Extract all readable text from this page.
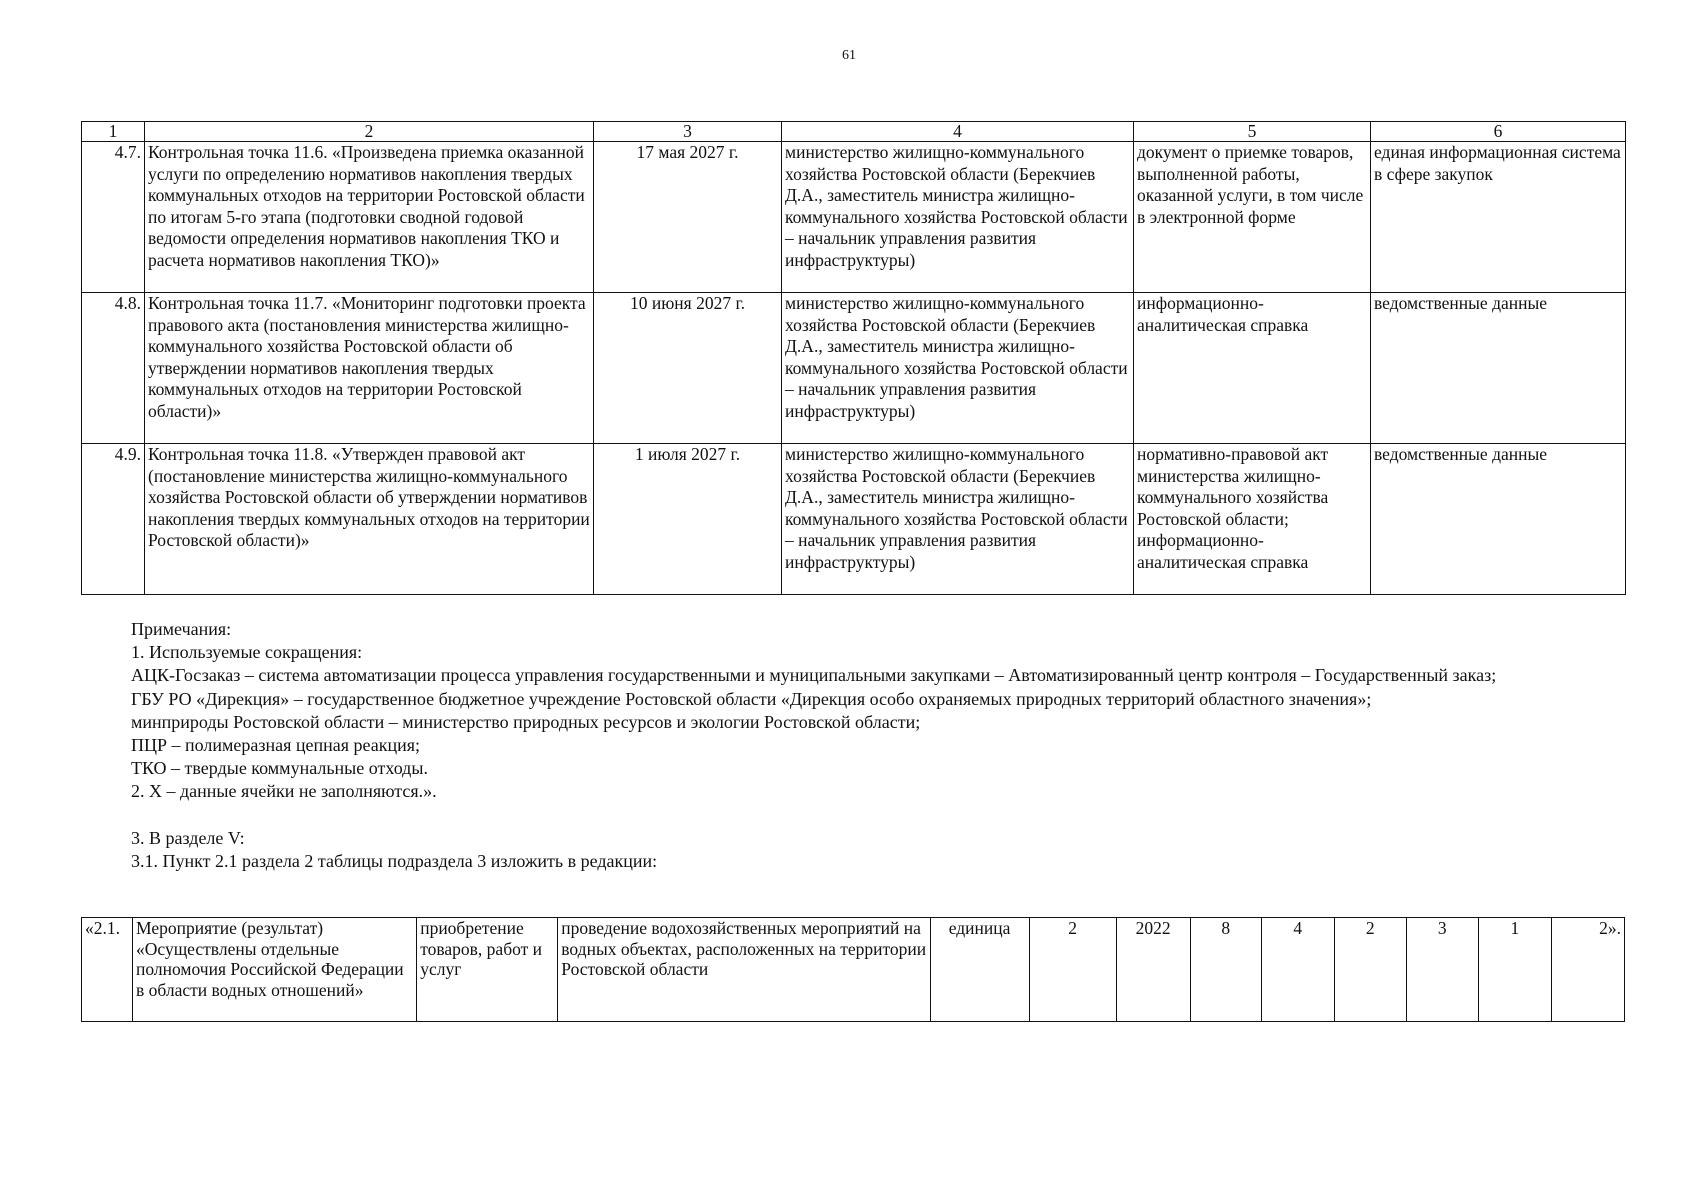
61
1	2	3	4	5	6
4.7.	Контрольная точка 11.6. «Произведена приемка оказанной услуги по определению нормативов накопления твердых коммунальных отходов на территории Ростовской области по итогам 5-го этапа (подготовки сводной годовой ведомости определения нормативов накопления ТКО и расчета нормативов накопления ТКО)»	17 мая 2027 г.	министерство жилищно-коммунального хозяйства Ростовской области (Берекчиев Д.А., заместитель министра жилищно-коммунального хозяйства Ростовской области – начальник управления развития инфраструктуры)	документ о приемке товаров, выполненной работы, оказанной услуги, в том числе в электронной форме	единая информационная система в сфере закупок
4.8.	Контрольная точка 11.7. «Мониторинг подготовки проекта правового акта (постановления министерства жилищно-коммунального хозяйства Ростовской области об утверждении нормативов накопления твердых коммунальных отходов на территории Ростовской области)»	10 июня 2027 г.	министерство жилищно-коммунального хозяйства Ростовской области (Берекчиев Д.А., заместитель министра жилищно-коммунального хозяйства Ростовской области – начальник управления развития инфраструктуры)	информационно-аналитическая справка	ведомственные данные
4.9.	Контрольная точка 11.8. «Утвержден правовой акт (постановление министерства жилищно-коммунального хозяйства Ростовской области об утверждении нормативов накопления твердых коммунальных отходов на территории Ростовской области)»	1 июля 2027 г.	министерство жилищно-коммунального хозяйства Ростовской области (Берекчиев Д.А., заместитель министра жилищно-коммунального хозяйства Ростовской области – начальник управления развития инфраструктуры)	нормативно-правовой акт министерства жилищно-коммунального хозяйства Ростовской области; информационно-аналитическая справка	ведомственные данные

Примечания:

1. Используемые сокращения:

АЦК-Госзаказ – система автоматизации процесса управления государственными и муниципальными закупками – Автоматизированный центр контроля – Государственный заказ;

ГБУ РО «Дирекция» – государственное бюджетное учреждение Ростовской области «Дирекция особо охраняемых природных территорий областного значения»;

минприроды Ростовской области – министерство природных ресурсов и экологии Ростовской области;

ПЦР – полимеразная цепная реакция;

ТКО – твердые коммунальные отходы.

2. Х – данные ячейки не заполняются.».

3. В разделе V:

3.1. Пункт 2.1 раздела 2 таблицы подраздела 3 изложить в редакции:

«2.1.	Мероприятие (результат) «Осуществлены отдельные полномочия Российской Федерации в области водных отношений»	приобретение товаров, работ и услуг	проведение водохозяйственных мероприятий на водных объектах, расположенных на территории Ростовской области	единица	2	2022	8	4	2	3	1	2».
